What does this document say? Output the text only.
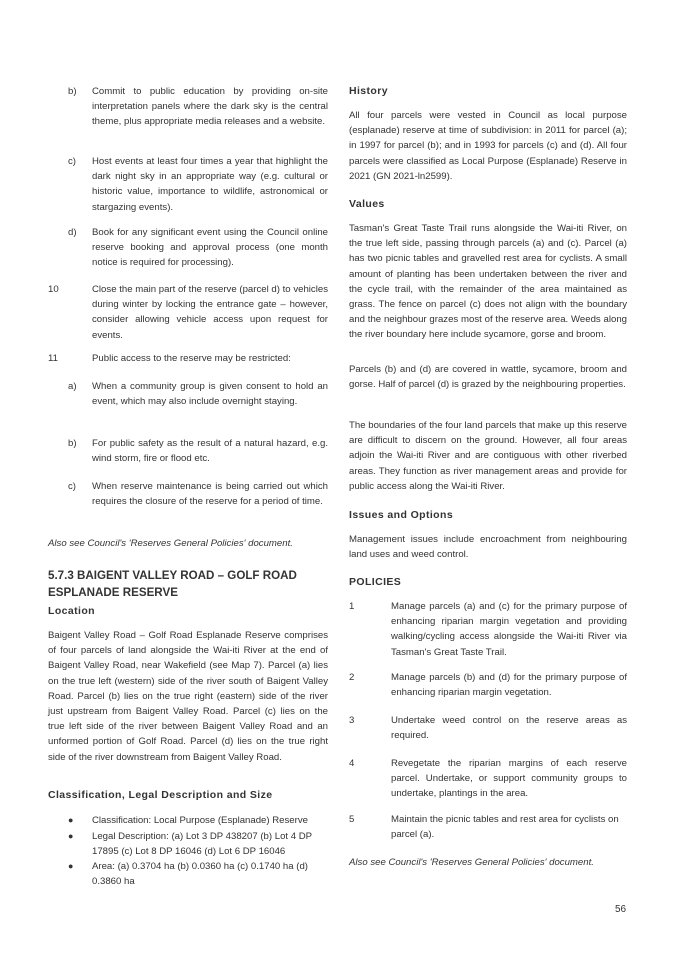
b) Commit to public education by providing on-site interpretation panels where the dark sky is the central theme, plus appropriate media releases and a website.
c) Host events at least four times a year that highlight the dark night sky in an appropriate way (e.g. cultural or historic value, importance to wildlife, astronomical or stargazing events).
d) Book for any significant event using the Council online reserve booking and approval process (one month notice is required for processing).
10	Close the main part of the reserve (parcel d) to vehicles during winter by locking the entrance gate – however, consider allowing vehicle access upon request for events.
11	Public access to the reserve may be restricted:
a) When a community group is given consent to hold an event, which may also include overnight staying.
b) For public safety as the result of a natural hazard, e.g. wind storm, fire or flood etc.
c) When reserve maintenance is being carried out which requires the closure of the reserve for a period of time.
Also see Council's 'Reserves General Policies' document.
5.7.3 BAIGENT VALLEY ROAD – GOLF ROAD ESPLANADE RESERVE
Location
Baigent Valley Road – Golf Road Esplanade Reserve comprises of four parcels of land alongside the Wai-iti River at the end of Baigent Valley Road, near Wakefield (see Map 7). Parcel (a) lies on the true left (western) side of the river south of Baigent Valley Road. Parcel (b) lies on the true right (eastern) side of the river just upstream from Baigent Valley Road. Parcel (c) lies on the true left side of the river between Baigent Valley Road and an unformed portion of Golf Road. Parcel (d) lies on the true right side of the river downstream from Baigent Valley Road.
Classification, Legal Description and Size
● Classification: Local Purpose (Esplanade) Reserve
● Legal Description: (a) Lot 3 DP 438207 (b) Lot 4 DP 17895 (c) Lot 8 DP 16046 (d) Lot 6 DP 16046
● Area: (a) 0.3704 ha (b) 0.0360 ha (c) 0.1740 ha (d) 0.3860 ha
History
All four parcels were vested in Council as local purpose (esplanade) reserve at time of subdivision: in 2011 for parcel (a); in 1997 for parcel (b); and in 1993 for parcels (c) and (d). All four parcels were classified as Local Purpose (Esplanade) Reserve in 2021 (GN 2021-ln2599).
Values
Tasman's Great Taste Trail runs alongside the Wai-iti River, on the true left side, passing through parcels (a) and (c). Parcel (a) has two picnic tables and gravelled rest area for cyclists. A small amount of planting has been undertaken between the river and the cycle trail, with the remainder of the area maintained as grass. The fence on parcel (c) does not align with the boundary and the neighbour grazes most of the reserve area. Weeds along the river boundary here include sycamore, gorse and broom.
Parcels (b) and (d) are covered in wattle, sycamore, broom and gorse. Half of parcel (d) is grazed by the neighbouring properties.
The boundaries of the four land parcels that make up this reserve are difficult to discern on the ground. However, all four areas adjoin the Wai-iti River and are contiguous with other riverbed areas. They function as river management areas and provide for public access along the Wai-iti River.
Issues and Options
Management issues include encroachment from neighbouring land uses and weed control.
POLICIES
1	Manage parcels (a) and (c) for the primary purpose of enhancing riparian margin vegetation and providing walking/cycling access alongside the Wai-iti River via Tasman's Great Taste Trail.
2	Manage parcels (b) and (d) for the primary purpose of enhancing riparian margin vegetation.
3	Undertake weed control on the reserve areas as required.
4	Revegetate the riparian margins of each reserve parcel. Undertake, or support community groups to undertake, plantings in the area.
5	Maintain the picnic tables and rest area for cyclists on parcel (a).
Also see Council's 'Reserves General Policies' document.
56
